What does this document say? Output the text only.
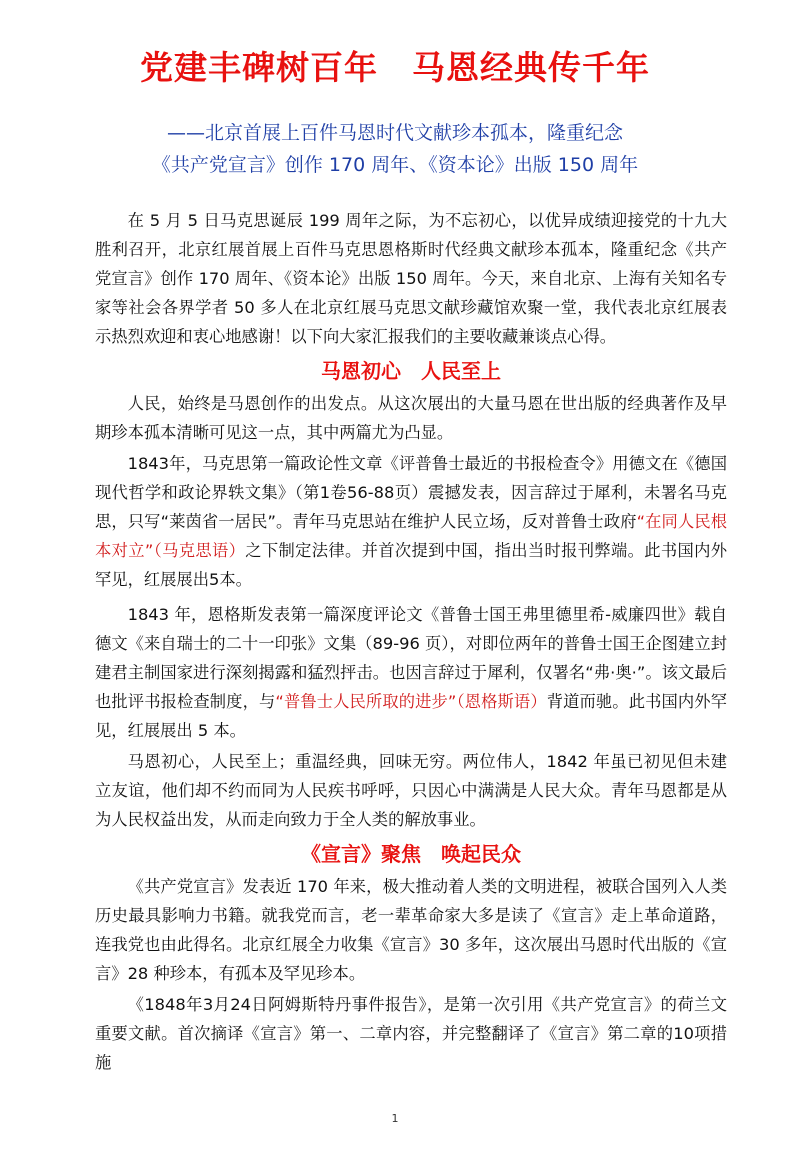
党建丰碑树百年　马恩经典传千年
——北京首展上百件马恩时代文献珍本孤本，隆重纪念
《共产党宣言》创作 170 周年、《资本论》出版 150 周年

在 5 月 5 日马克思诞辰 199 周年之际，为不忘初心，以优异成绩迎接党的十九大胜利召开，北京红展首展上百件马克思恩格斯时代经典文献珍本孤本，隆重纪念《共产党宣言》创作 170 周年、《资本论》出版 150 周年。今天，来自北京、上海有关知名专家等社会各界学者 50 多人在北京红展马克思文献珍藏馆欢聚一堂，我代表北京红展表示热烈欢迎和衷心地感谢！以下向大家汇报我们的主要收藏兼谈点心得。

马恩初心　人民至上

人民，始终是马恩创作的出发点。从这次展出的大量马恩在世出版的经典著作及早期珍本孤本清晰可见这一点，其中两篇尤为凸显。

1843年，马克思第一篇政论性文章《评普鲁士最近的书报检查令》用德文在《德国现代哲学和政论界轶文集》（第1卷56-88页）震撼发表，因言辞过于犀利，未署名马克思，只写“莱茵省一居民”。青年马克思站在维护人民立场，反对普鲁士政府“在同人民根本对立”（马克思语）之下制定法律。并首次提到中国，指出当时报刊弊端。此书国内外罕见，红展展出5本。

1843 年，恩格斯发表第一篇深度评论文《普鲁士国王弗里德里希-威廉四世》载自德文《来自瑞士的二十一印张》文集（89-96 页），对即位两年的普鲁士国王企图建立封建君主制国家进行深刻揭露和猛烈抨击。也因言辞过于犀利，仅署名“弗·奥·”。该文最后也批评书报检查制度，与“普鲁士人民所取的进步”（恩格斯语）背道而驰。此书国内外罕见，红展展出 5 本。

马恩初心，人民至上；重温经典，回味无穷。两位伟人，1842 年虽已初见但未建立友谊，他们却不约而同为人民疾书呼呼，只因心中满满是人民大众。青年马恩都是从为人民权益出发，从而走向致力于全人类的解放事业。

《宣言》聚焦　唤起民众

《共产党宣言》发表近 170 年来，极大推动着人类的文明进程，被联合国列入人类历史最具影响力书籍。就我党而言，老一辈革命家大多是读了《宣言》走上革命道路，连我党也由此得名。北京红展全力收集《宣言》30 多年，这次展出马恩时代出版的《宣言》28 种珍本，有孤本及罕见珍本。

《1848年3月24日阿姆斯特丹事件报告》，是第一次引用《共产党宣言》的荷兰文重要文献。首次摘译《宣言》第一、二章内容，并完整翻译了《宣言》第二章的10项措施

1
